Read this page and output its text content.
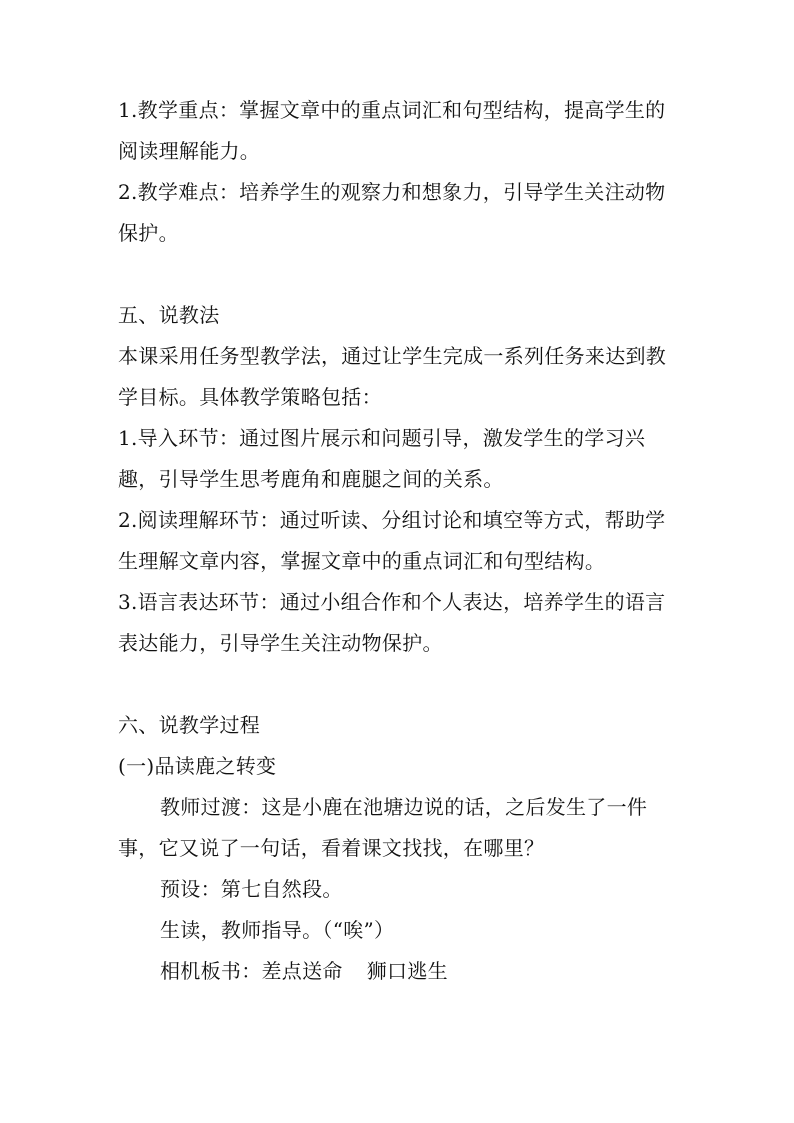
1.教学重点：掌握文章中的重点词汇和句型结构，提高学生的阅读理解能力。

2.教学难点：培养学生的观察力和想象力，引导学生关注动物保护。

五、说教法

本课采用任务型教学法，通过让学生完成一系列任务来达到教学目标。具体教学策略包括：

1.导入环节：通过图片展示和问题引导，激发学生的学习兴趣，引导学生思考鹿角和鹿腿之间的关系。

2.阅读理解环节：通过听读、分组讨论和填空等方式，帮助学生理解文章内容，掌握文章中的重点词汇和句型结构。

3.语言表达环节：通过小组合作和个人表达，培养学生的语言表达能力，引导学生关注动物保护。

六、说教学过程

(一)品读鹿之转变

教师过渡：这是小鹿在池塘边说的话，之后发生了一件事，它又说了一句话，看着课文找找，在哪里？

预设：第七自然段。

生读，教师指导。（“唉”）

相机板书：差点送命 狮口逃生
